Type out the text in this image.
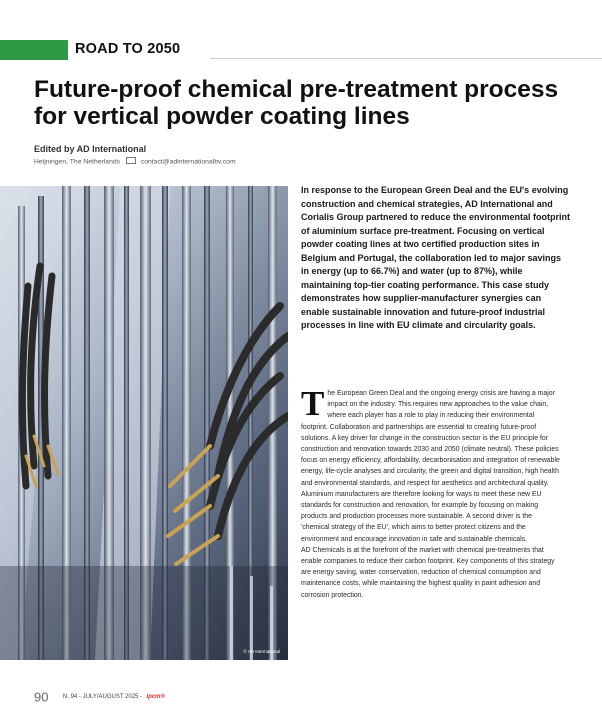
ROAD TO 2050
Future-proof chemical pre-treatment process for vertical powder coating lines
Edited by AD International
Heijningen, The Netherlands	contact@adinternationalbv.com
© AD International

In response to the European Green Deal and the EU's evolving construction and chemical strategies, AD International and Corialis Group partnered to reduce the environmental footprint of aluminium surface pre-treatment. Focusing on vertical powder coating lines at two certified production sites in Belgium and Portugal, the collaboration led to major savings in energy (up to 66.7%) and water (up to 87%), while maintaining top-tier coating performance. This case study demonstrates how supplier-manufacturer synergies can enable sustainable innovation and future-proof industrial processes in line with EU climate and circularity goals.

The European Green Deal and the ongoing energy crisis are having a major impact on the industry. This requires new approaches to the value chain, where each player has a role to play in reducing their environmental footprint. Collaboration and partnerships are essential to creating future-proof solutions. A key driver for change in the construction sector is the EU principle for construction and renovation towards 2030 and 2050 (climate neutral). These policies focus on energy efficiency, affordability, decarbonisation and integration of renewable energy, life-cycle analyses and circularity, the green and digital transition, high health and environmental standards, and respect for aesthetics and architectural quality.

Aluminium manufacturers are therefore looking for ways to meet these new EU standards for construction and renovation, for example by focusing on making products and production processes more sustainable. A second driver is the 'chemical strategy of the EU', which aims to better protect citizens and the environment and encourage innovation in safe and sustainable chemicals.

AD Chemicals is at the forefront of the market with chemical pre-treatments that enable companies to reduce their carbon footprint. Key components of this strategy are energy saving, water conservation, reduction of chemical consumption and maintenance costs, while maintaining the highest quality in paint adhesion and corrosion protection.

90 N. 94 - JULY/AUGUST 2025 - ipcm®
